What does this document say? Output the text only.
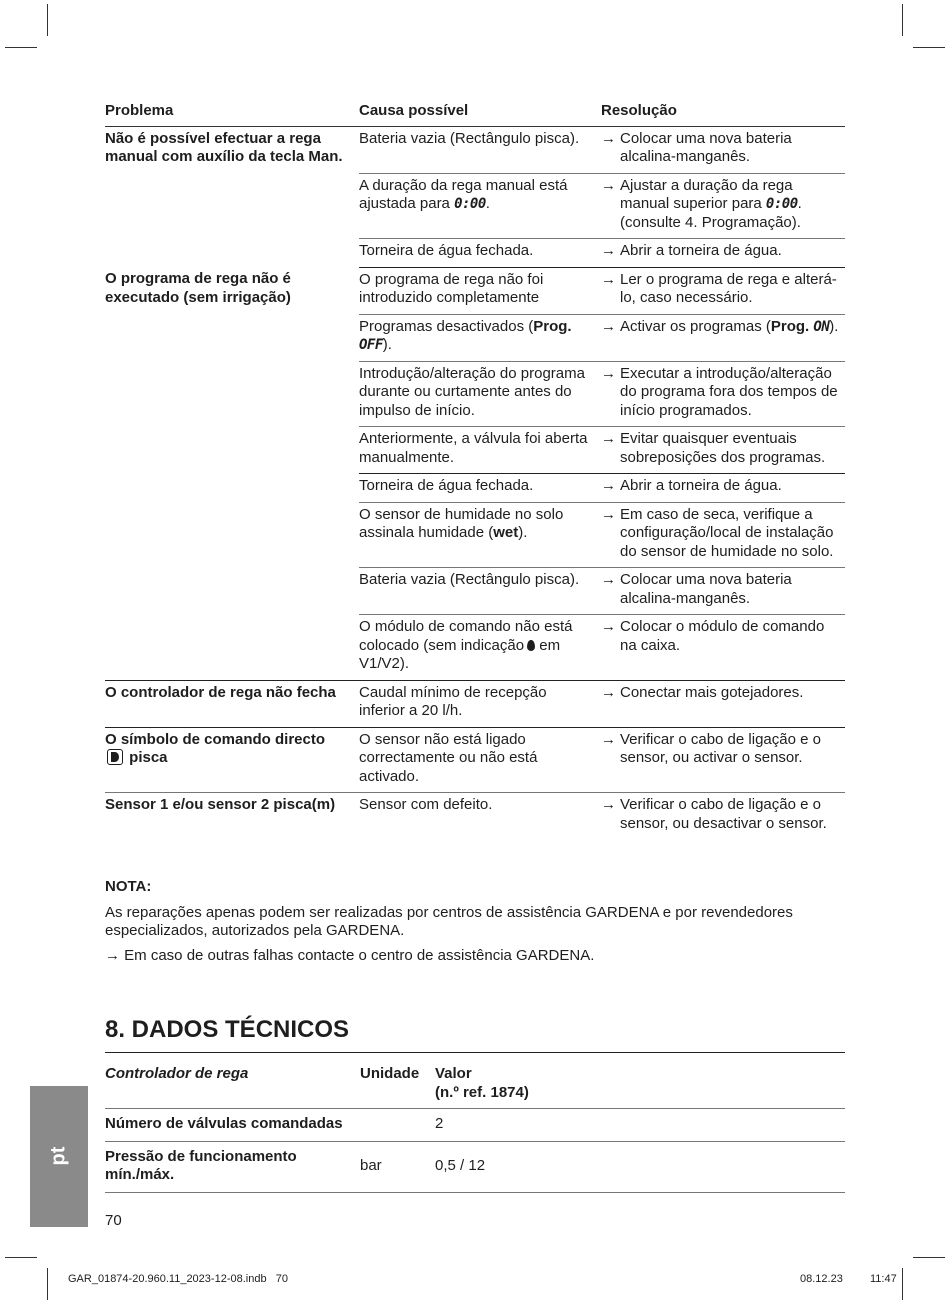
Problema	Causa possível	Resolução
Não é possível efectuar a rega manual com auxílio da tecla Man.	Bateria vazia (Rectângulo pisca).	→ Colocar uma nova bateria alcalina-manganês.

	A duração da rega manual está ajustada para 0:00.	→ Ajustar a duração da rega manual superior para 0:00. (consulte 4. Programação).

	Torneira de água fechada.	→ Abrir a torneira de água.

O programa de rega não é executado (sem irrigação)	O programa de rega não foi introduzido completamente	→ Ler o programa de rega e alterá-lo, caso necessário.

	Programas desactivados (Prog. OFF).	→ Activar os programas (Prog. ON).

	Introdução/alteração do programa durante ou curtamente antes do impulso de início.	→ Executar a introdução/alteração do programa fora dos tempos de início programados.

	Anteriormente, a válvula foi aberta manualmente.	→ Evitar quaisquer eventuais sobreposições dos programas.

	Torneira de água fechada.	→ Abrir a torneira de água.

	O sensor de humidade no solo assinala humidade (wet).	→ Em caso de seca, verifique a configuração/local de instalação do sensor de humidade no solo.

	Bateria vazia (Rectângulo pisca).	→ Colocar uma nova bateria alcalina-manganês.

	O módulo de comando não está colocado (sem indicação em V1/V2).	→ Colocar o módulo de comando na caixa.

O controlador de rega não fecha	Caudal mínimo de recepção inferior a 20 l/h.	→ Conectar mais gotejadores.

O símbolo de comando directo  pisca	O sensor não está ligado correctamente ou não está activado.	→ Verificar o cabo de ligação e o sensor, ou activar o sensor.

Sensor 1 e/ou sensor 2 pisca(m)	Sensor com defeito.	→ Verificar o cabo de ligação e o sensor, ou desactivar o sensor.
NOTA:
As reparações apenas podem ser realizadas por centros de assistência GARDENA e por revendedores especializados, autorizados pela GARDENA.
→ Em caso de outras falhas contacte o centro de assistência GARDENA.
8. DADOS TÉCNICOS
Controlador de rega	Unidade	Valor
(n.º ref. 1874)
Número de válvulas comandadas		2
Pressão de funcionamento mín./máx.	bar	0,5 / 12
pt
70
GAR_01874-20.960.11_2023-12-08.indb   70	08.12.23   11:47
